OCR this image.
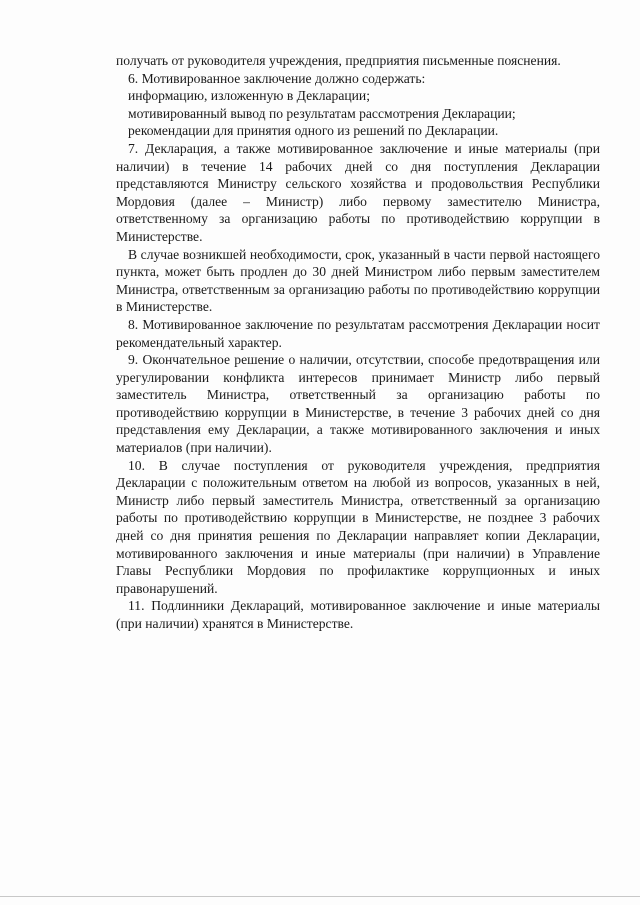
получать от руководителя учреждения, предприятия письменные пояснения.

6. Мотивированное заключение должно содержать:

информацию, изложенную в Декларации;

мотивированный вывод по результатам рассмотрения Декларации;

рекомендации для принятия одного из решений по Декларации.

7. Декларация, а также мотивированное заключение и иные материалы (при наличии) в течение 14 рабочих дней со дня поступления Декларации представляются Министру сельского хозяйства и продовольствия Республики Мордовия (далее – Министр) либо первому заместителю Министра, ответственному за организацию работы по противодействию коррупции в Министерстве.

В случае возникшей необходимости, срок, указанный в части первой настоящего пункта, может быть продлен до 30 дней Министром либо первым заместителем Министра, ответственным за организацию работы по противодействию коррупции в Министерстве.

8. Мотивированное заключение по результатам рассмотрения Декларации носит рекомендательный характер.

9. Окончательное решение о наличии, отсутствии, способе предотвращения или урегулировании конфликта интересов принимает Министр либо первый заместитель Министра, ответственный за организацию работы по противодействию коррупции в Министерстве, в течение 3 рабочих дней со дня представления ему Декларации, а также мотивированного заключения и иных материалов (при наличии).

10. В случае поступления от руководителя учреждения, предприятия Декларации с положительным ответом на любой из вопросов, указанных в ней, Министр либо первый заместитель Министра, ответственный за организацию работы по противодействию коррупции в Министерстве, не позднее 3 рабочих дней со дня принятия решения по Декларации направляет копии Декларации, мотивированного заключения и иные материалы (при наличии) в Управление Главы Республики Мордовия по профилактике коррупционных и иных правонарушений.

11. Подлинники Деклараций, мотивированное заключение и иные материалы (при наличии) хранятся в Министерстве.
